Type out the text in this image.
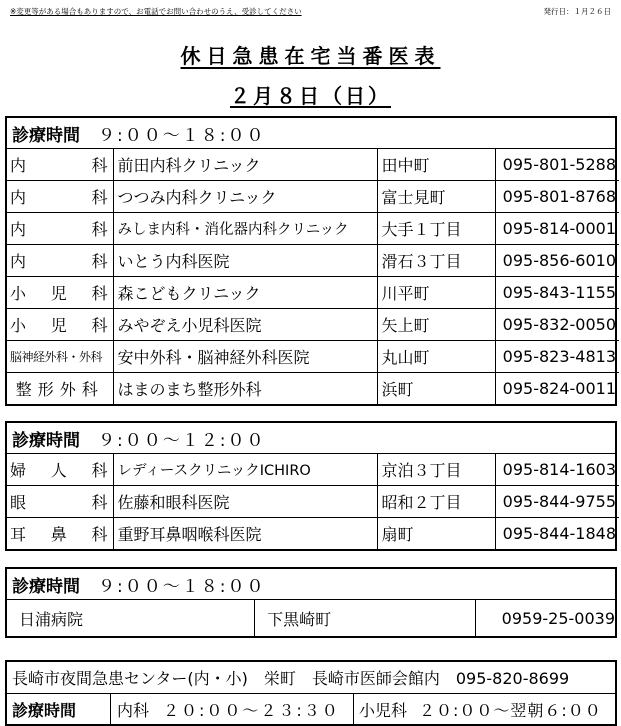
※変更等がある場合もありますので、お電話でお問い合わせのうえ、受診してください	発行日：１月２６日
休日急患在宅当番医表
２月８日（日）
診療時間 ９:００～１８:００
内 科	前田内科クリニック	田中町	095-801-5288

内 科	つつみ内科クリニック	富士見町	095-801-8768

内 科	みしま内科・消化器内科クリニック	大手１丁目	095-814-0001

内 科	いとう内科医院	滑石３丁目	095-856-6010

小 児 科	森こどもクリニック	川平町	095-843-1155

小 児 科	みやぞえ小児科医院	矢上町	095-832-0050

脳神経外科・外科	安中外科・脳神経外科医院	丸山町	095-823-4813

整形外科	はまのまち整形外科	浜町	095-824-0011
診療時間 ９:００～１２:００
婦 人 科	レディースクリニックICHIRO	京泊３丁目	095-814-1603

眼 科	佐藤和眼科医院	昭和２丁目	095-844-9755

耳 鼻 科	重野耳鼻咽喉科医院	扇町	095-844-1848
診療時間 ９:００～１８:００
日浦病院	下黒崎町	0959-25-0039
長崎市夜間急患センター(内・小)　栄町　長崎市医師会館内　095-820-8699
診療時間	内科 ２０:００～２３:３０ 小児科 ２０:００～翌朝６:００
